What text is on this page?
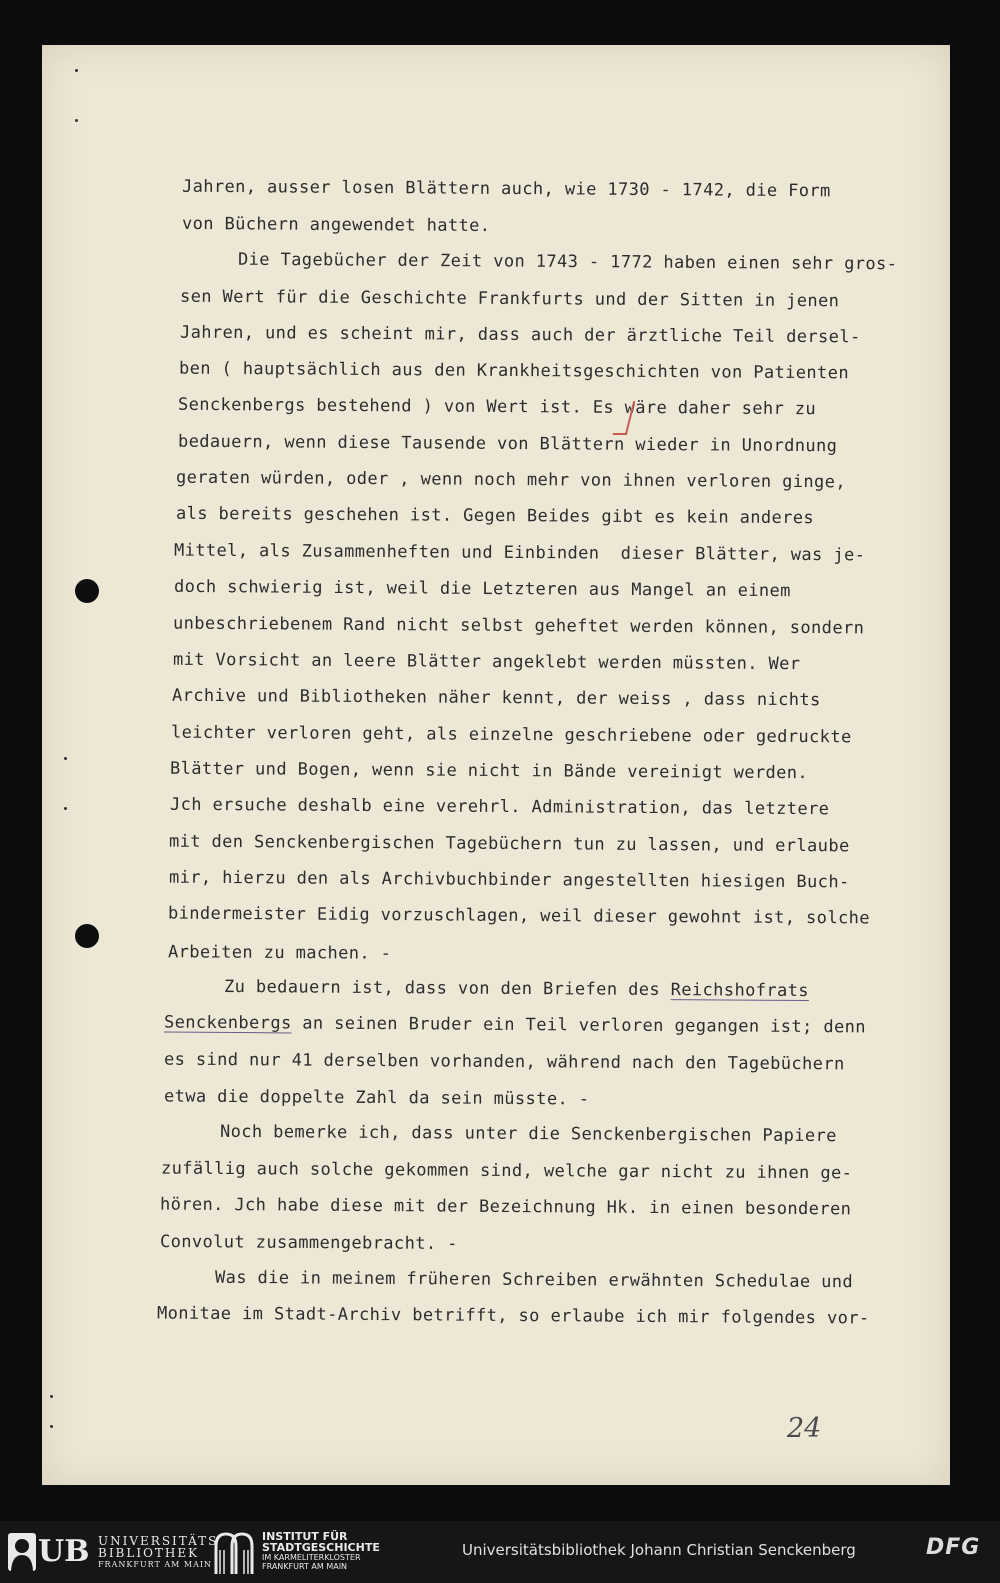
Jahren, ausser losen Blättern auch, wie 1730 - 1742, die Form
von Büchern angewendet hatte.
Die Tagebücher der Zeit von 1743 - 1772 haben einen sehr gros-
sen Wert für die Geschichte Frankfurts und der Sitten in jenen
Jahren, und es scheint mir, dass auch der ärztliche Teil dersel-
ben ( hauptsächlich aus den Krankheitsgeschichten von Patienten
Senckenbergs bestehend ) von Wert ist. Es wäre daher sehr zu
bedauern, wenn diese Tausende von Blättern wieder in Unordnung
geraten würden, oder , wenn noch mehr von ihnen verloren ginge,
als bereits geschehen ist. Gegen Beides gibt es kein anderes
Mittel, als Zusammenheften und Einbinden  dieser Blätter, was je-
doch schwierig ist, weil die Letzteren aus Mangel an einem
unbeschriebenem Rand nicht selbst geheftet werden können, sondern
mit Vorsicht an leere Blätter angeklebt werden müssten. Wer
Archive und Bibliotheken näher kennt, der weiss , dass nichts
leichter verloren geht, als einzelne geschriebene oder gedruckte
Blätter und Bogen, wenn sie nicht in Bände vereinigt werden.
Jch ersuche deshalb eine verehrl. Administration, das letztere
mit den Senckenbergischen Tagebüchern tun zu lassen, und erlaube
mir, hierzu den als Archivbuchbinder angestellten hiesigen Buch-
bindermeister Eidig vorzuschlagen, weil dieser gewohnt ist, solche
Arbeiten zu machen. -
Zu bedauern ist, dass von den Briefen des Reichshofrats
Senckenbergs an seinen Bruder ein Teil verloren gegangen ist; denn
es sind nur 41 derselben vorhanden, während nach den Tagebüchern
etwa die doppelte Zahl da sein müsste. -
Noch bemerke ich, dass unter die Senckenbergischen Papiere
zufällig auch solche gekommen sind, welche gar nicht zu ihnen ge-
hören. Jch habe diese mit der Bezeichnung Hk. in einen besonderen
Convolut zusammengebracht. -
Was die in meinem früheren Schreiben erwähnten Schedulae und
Monitae im Stadt-Archiv betrifft, so erlaube ich mir folgendes vor-
24
UB UNIVERSITÄTS
BIBLIOTHEK
FRANKFURT AM MAIN
INSTITUT FÜR
STADTGESCHICHTE
IM KARMELITERKLOSTER
FRANKFURT AM MAIN
Universitätsbibliothek Johann Christian Senckenberg	DFG
